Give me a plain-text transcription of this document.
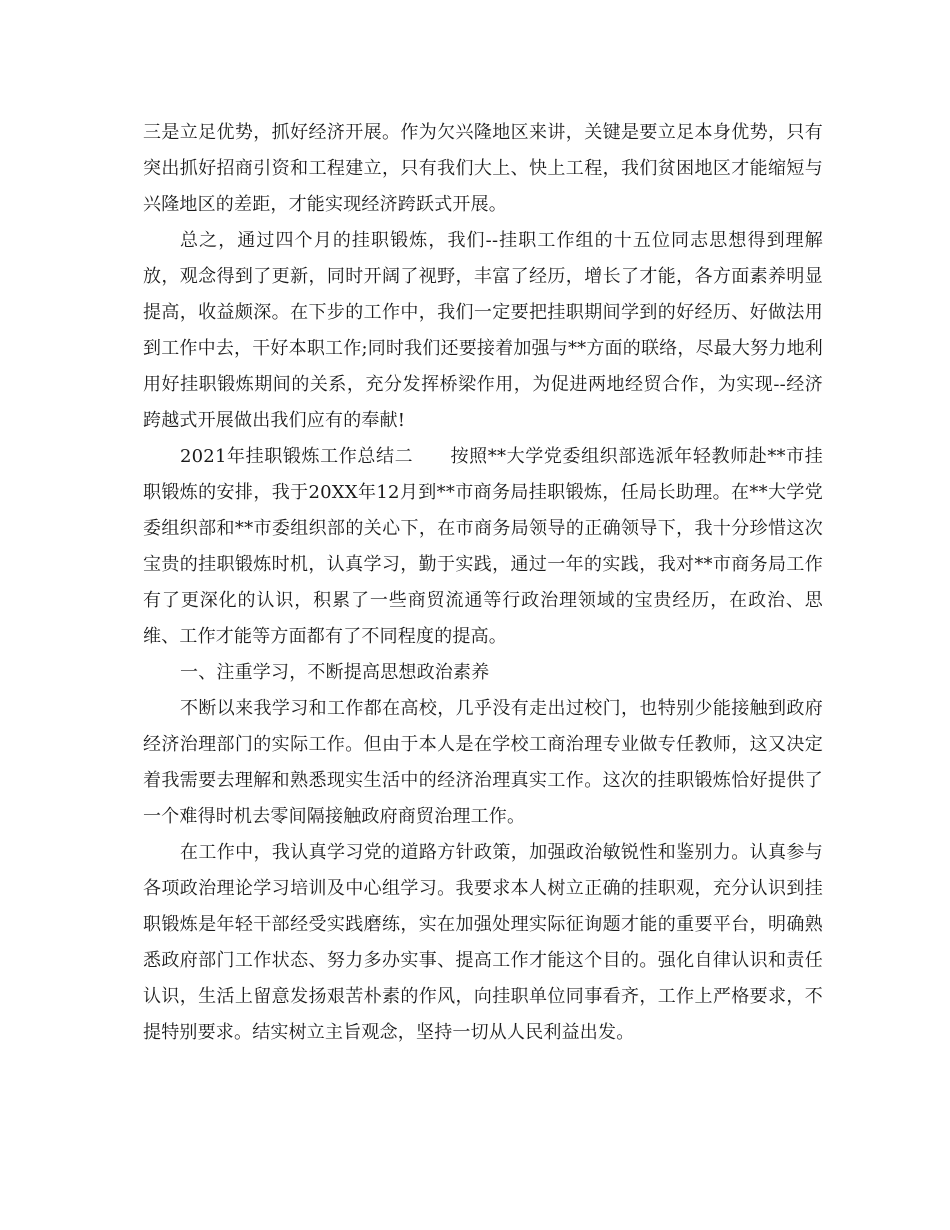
三是立足优势，抓好经济开展。作为欠兴隆地区来讲，关键是要立足本身优势，只有突出抓好招商引资和工程建立，只有我们大上、快上工程，我们贫困地区才能缩短与兴隆地区的差距，才能实现经济跨跃式开展。

总之，通过四个月的挂职锻炼，我们--挂职工作组的十五位同志思想得到理解放，观念得到了更新，同时开阔了视野，丰富了经历，增长了才能，各方面素养明显提高，收益颇深。在下步的工作中，我们一定要把挂职期间学到的好经历、好做法用到工作中去，干好本职工作;同时我们还要接着加强与**方面的联络，尽最大努力地利用好挂职锻炼期间的关系，充分发挥桥梁作用，为促进两地经贸合作，为实现--经济跨越式开展做出我们应有的奉献!

2021年挂职锻炼工作总结二　　按照**大学党委组织部选派年轻教师赴**市挂职锻炼的安排，我于20XX年12月到**市商务局挂职锻炼，任局长助理。在**大学党委组织部和**市委组织部的关心下，在市商务局领导的正确领导下，我十分珍惜这次宝贵的挂职锻炼时机，认真学习，勤于实践，通过一年的实践，我对**市商务局工作有了更深化的认识，积累了一些商贸流通等行政治理领域的宝贵经历，在政治、思维、工作才能等方面都有了不同程度的提高。

一、注重学习，不断提高思想政治素养

不断以来我学习和工作都在高校，几乎没有走出过校门，也特别少能接触到政府经济治理部门的实际工作。但由于本人是在学校工商治理专业做专任教师，这又决定着我需要去理解和熟悉现实生活中的经济治理真实工作。这次的挂职锻炼恰好提供了一个难得时机去零间隔接触政府商贸治理工作。

在工作中，我认真学习党的道路方针政策，加强政治敏锐性和鉴别力。认真参与各项政治理论学习培训及中心组学习。我要求本人树立正确的挂职观，充分认识到挂职锻炼是年轻干部经受实践磨练，实在加强处理实际征询题才能的重要平台，明确熟悉政府部门工作状态、努力多办实事、提高工作才能这个目的。强化自律认识和责任认识，生活上留意发扬艰苦朴素的作风，向挂职单位同事看齐，工作上严格要求，不提特别要求。结实树立主旨观念，坚持一切从人民利益出发。
